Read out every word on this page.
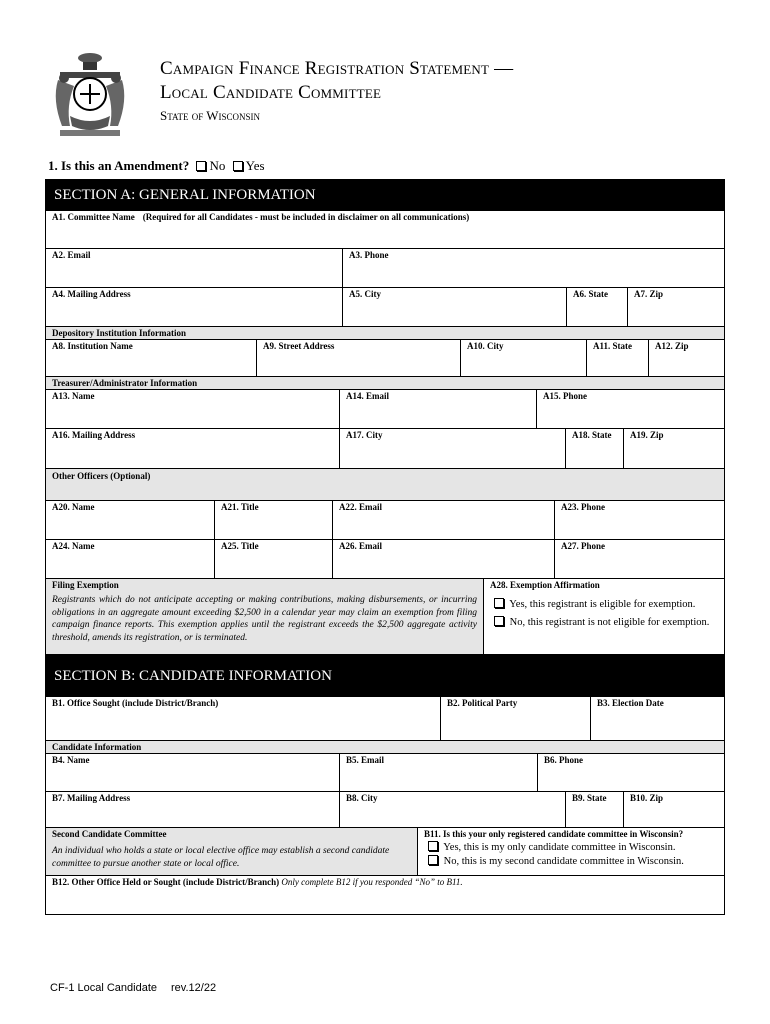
Campaign Finance Registration Statement —
Local Candidate Committee
State of Wisconsin
1. Is this an Amendment? No Yes
SECTION A: GENERAL INFORMATION
A1. Committee Name (Required for all Candidates - must be included in disclaimer on all communications)
A2. Email	A3. Phone
A4. Mailing Address	A5. City	A6. State	A7. Zip
Depository Institution Information
A8. Institution Name	A9. Street Address	A10. City	A11. State	A12. Zip
Treasurer/Administrator Information
A13. Name	A14. Email	A15. Phone
A16. Mailing Address	A17. City	A18. State	A19. Zip
Other Officers (Optional)
A20. Name	A21. Title	A22. Email	A23. Phone
A24. Name	A25. Title	A26. Email	A27. Phone
Filing Exemption
Registrants which do not anticipate accepting or making contributions, making disbursements, or incurring obligations in an aggregate amount exceeding $2,500 in a calendar year may claim an exemption from filing campaign finance reports. This exemption applies until the registrant exceeds the $2,500 aggregate activity threshold, amends its registration, or is terminated.
A28. Exemption Affirmation
Yes, this registrant is eligible for exemption.
No, this registrant is not eligible for exemption.
SECTION B: CANDIDATE INFORMATION
B1. Office Sought (include District/Branch)	B2. Political Party	B3. Election Date
Candidate Information
B4. Name	B5. Email	B6. Phone
B7. Mailing Address	B8. City	B9. State	B10. Zip
Second Candidate Committee
An individual who holds a state or local elective office may establish a second candidate committee to pursue another state or local office.
B11. Is this your only registered candidate committee in Wisconsin?
Yes, this is my only candidate committee in Wisconsin.
No, this is my second candidate committee in Wisconsin.
B12. Other Office Held or Sought (include District/Branch) Only complete B12 if you responded “No” to B11.
CF-1 Local Candidate rev.12/22
